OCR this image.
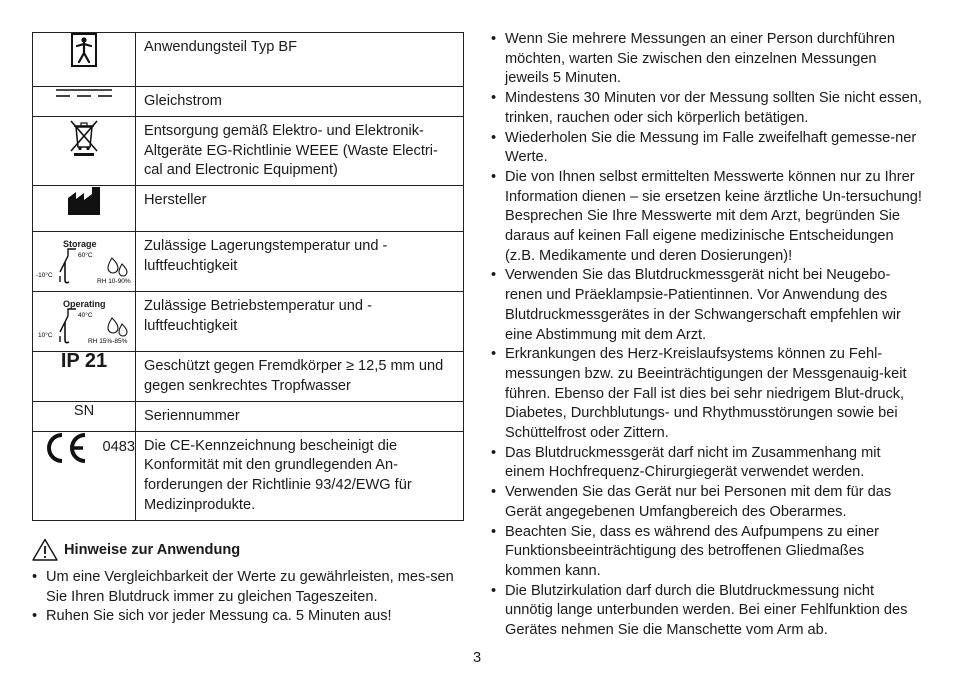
	Anwendungsteil Typ BF

	Gleichstrom

	Entsorgung gemäß Elektro- und Elektronik-Altgeräte EG-Richtlinie WEEE (Waste Electri-cal and Electronic Equipment)

	Hersteller

Storage
60°C
-10°C
RH 10-90%	Zulässige Lagerungstemperatur und -luftfeuchtigkeit

Operating
40°C
10°C
RH 15%-85%	Zulässige Betriebstemperatur und -luftfeuchtigkeit
IP 21	Geschützt gegen Fremdkörper ≥ 12,5 mm und gegen senkrechtes Tropfwasser
SN	Seriennummer

0483	Die CE-Kennzeichnung bescheinigt die Konformität mit den grundlegenden An-forderungen der Richtlinie 93/42/EWG für Medizinprodukte.
Hinweise zur Anwendung
• Um eine Vergleichbarkeit der Werte zu gewährleisten, mes-sen Sie Ihren Blutdruck immer zu gleichen Tageszeiten.
• Ruhen Sie sich vor jeder Messung ca. 5 Minuten aus!
• Wenn Sie mehrere Messungen an einer Person durchführen möchten, warten Sie zwischen den einzelnen Messungen jeweils 5 Minuten.
• Mindestens 30 Minuten vor der Messung sollten Sie nicht essen, trinken, rauchen oder sich körperlich betätigen.
• Wiederholen Sie die Messung im Falle zweifelhaft gemesse-ner Werte.
• Die von Ihnen selbst ermittelten Messwerte können nur zu Ihrer Information dienen – sie ersetzen keine ärztliche Un-tersuchung! Besprechen Sie Ihre Messwerte mit dem Arzt, begründen Sie daraus auf keinen Fall eigene medizinische Entscheidungen (z.B. Medikamente und deren Dosierungen)!
• Verwenden Sie das Blutdruckmessgerät nicht bei Neugebo-renen und Präeklampsie-Patientinnen. Vor Anwendung des Blutdruckmessgerätes in der Schwangerschaft empfehlen wir eine Abstimmung mit dem Arzt.
• Erkrankungen des Herz-Kreislaufsystems können zu Fehl-messungen bzw. zu Beeinträchtigungen der Messgenauig-keit führen. Ebenso der Fall ist dies bei sehr niedrigem Blut-druck, Diabetes, Durchblutungs- und Rhythmusstörungen sowie bei Schüttelfrost oder Zittern.
• Das Blutdruckmessgerät darf nicht im Zusammenhang mit einem Hochfrequenz-Chirurgiegerät verwendet werden.
• Verwenden Sie das Gerät nur bei Personen mit dem für das Gerät angegebenen Umfangbereich des Oberarmes.
• Beachten Sie, dass es während des Aufpumpens zu einer Funktionsbeeinträchtigung des betroffenen Gliedmaßes kommen kann.
• Die Blutzirkulation darf durch die Blutdruckmessung nicht unnötig lange unterbunden werden. Bei einer Fehlfunktion des Gerätes nehmen Sie die Manschette vom Arm ab.
3
